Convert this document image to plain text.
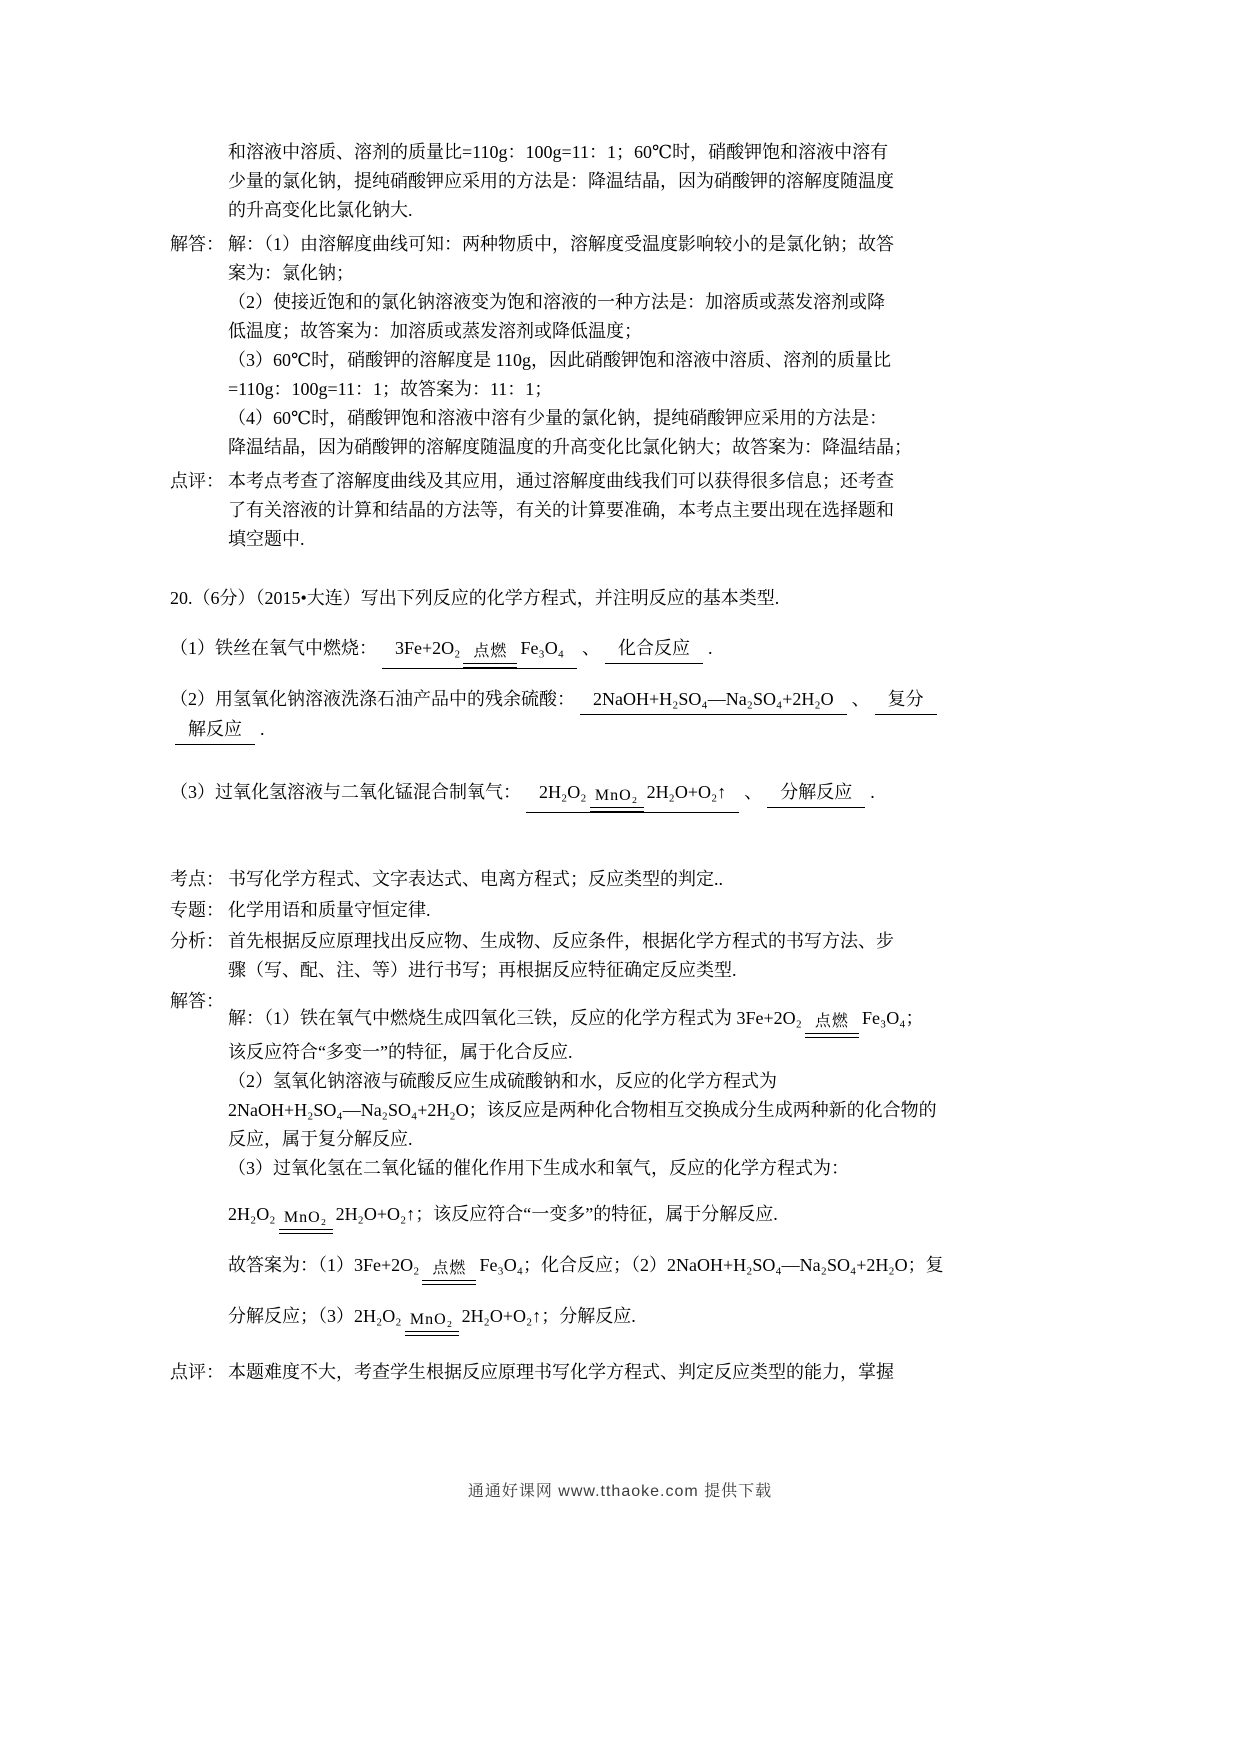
和溶液中溶质、溶剂的质量比=110g：100g=11：1；60℃时，硝酸钾饱和溶液中溶有
少量的氯化钠，提纯硝酸钾应采用的方法是：降温结晶，因为硝酸钾的溶解度随温度
的升高变化比氯化钠大.
解答： 解：（1）由溶解度曲线可知：两种物质中，溶解度受温度影响较小的是氯化钠；故答
案为：氯化钠；
（2）使接近饱和的氯化钠溶液变为饱和溶液的一种方法是：加溶质或蒸发溶剂或降
低温度；故答案为：加溶质或蒸发溶剂或降低温度；
（3）60℃时，硝酸钾的溶解度是 110g，因此硝酸钾饱和溶液中溶质、溶剂的质量比
=110g：100g=11：1；故答案为：11：1；
（4）60℃时，硝酸钾饱和溶液中溶有少量的氯化钠，提纯硝酸钾应采用的方法是：
降温结晶，因为硝酸钾的溶解度随温度的升高变化比氯化钠大；故答案为：降温结晶；
点评： 本考点考查了溶解度曲线及其应用，通过溶解度曲线我们可以获得很多信息；还考查
了有关溶液的计算和结晶的方法等，有关的计算要准确，本考点主要出现在选择题和
填空题中.
20.（6分）（2015•大连）写出下列反应的化学方程式，并注明反应的基本类型.
（1）铁丝在氧气中燃烧： 3Fe+2O₂ 点燃 Fe₃O₄ 、 化合反应 .
（2）用氢氧化钠溶液洗涤石油产品中的残余硫酸： 2NaOH+H₂SO₄—Na₂SO₄+2H₂O 、 复分
解反应 .
（3）过氧化氢溶液与二氧化锰混合制氧气： 2H₂O₂ MnO₂ 2H₂O+O₂↑ 、 分解反应 .
考点： 书写化学方程式、文字表达式、电离方程式；反应类型的判定..
专题： 化学用语和质量守恒定律.
分析： 首先根据反应原理找出反应物、生成物、反应条件，根据化学方程式的书写方法、步
骤（写、配、注、等）进行书写；再根据反应特征确定反应类型.
解答：
解：（1）铁在氧气中燃烧生成四氧化三铁，反应的化学方程式为 3Fe+2O₂ 点燃 Fe₃O₄；
该反应符合“多变一”的特征，属于化合反应.
（2）氢氧化钠溶液与硫酸反应生成硫酸钠和水，反应的化学方程式为
2NaOH+H₂SO₄—Na₂SO₄+2H₂O；该反应是两种化合物相互交换成分生成两种新的化合物的
反应，属于复分解反应.
（3）过氧化氢在二氧化锰的催化作用下生成水和氧气，反应的化学方程式为：
2H₂O₂ MnO₂ 2H₂O+O₂↑；该反应符合“一变多”的特征，属于分解反应.
故答案为：（1）3Fe+2O₂ 点燃 Fe₃O₄；化合反应；（2）2NaOH+H₂SO₄—Na₂SO₄+2H₂O；复
分解反应；（3）2H₂O₂ MnO₂ 2H₂O+O₂↑；分解反应.
点评： 本题难度不大，考查学生根据反应原理书写化学方程式、判定反应类型的能力，掌握
通通好课网 www.tthaoke.com 提供下载
